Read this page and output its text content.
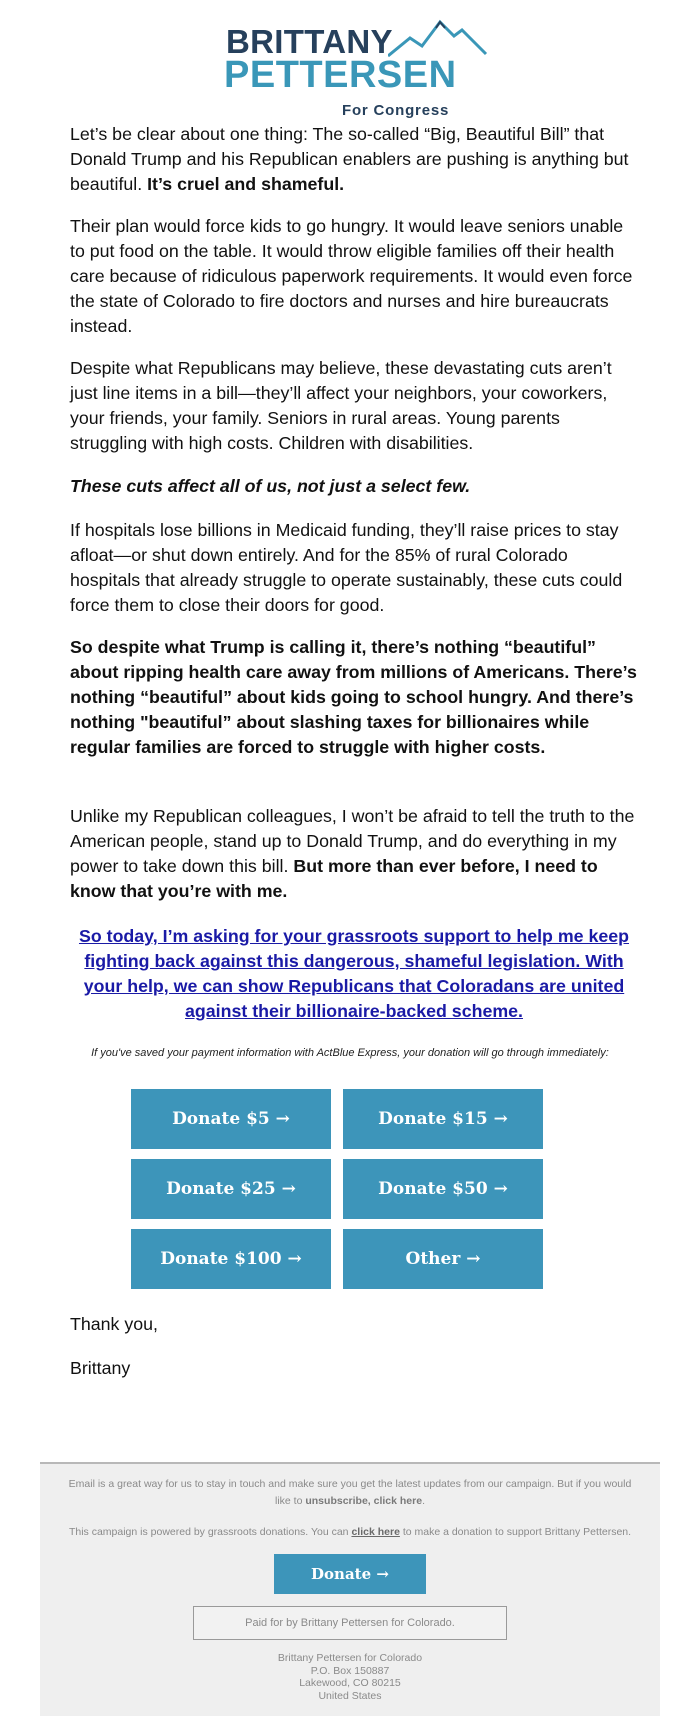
BRITTANY
PETTERSEN
For Congress
Let’s be clear about one thing: The so-called “Big, Beautiful Bill” that Donald Trump and his Republican enablers are pushing is anything but beautiful. It’s cruel and shameful.
Their plan would force kids to go hungry. It would leave seniors unable to put food on the table. It would throw eligible families off their health care because of ridiculous paperwork requirements. It would even force the state of Colorado to fire doctors and nurses and hire bureaucrats instead.
Despite what Republicans may believe, these devastating cuts aren’t just line items in a bill—they’ll affect your neighbors, your coworkers, your friends, your family. Seniors in rural areas. Young parents struggling with high costs. Children with disabilities.
These cuts affect all of us, not just a select few.
If hospitals lose billions in Medicaid funding, they’ll raise prices to stay afloat—or shut down entirely. And for the 85% of rural Colorado hospitals that already struggle to operate sustainably, these cuts could force them to close their doors for good.
So despite what Trump is calling it, there’s nothing “beautiful” about ripping health care away from millions of Americans. There’s nothing “beautiful” about kids going to school hungry. And there’s nothing "beautiful” about slashing taxes for billionaires while regular families are forced to struggle with higher costs.
Unlike my Republican colleagues, I won’t be afraid to tell the truth to the American people, stand up to Donald Trump, and do everything in my power to take down this bill. But more than ever before, I need to know that you’re with me.
So today, I’m asking for your grassroots support to help me keep fighting back against this dangerous, shameful legislation. With your help, we can show Republicans that Coloradans are united against their billionaire-backed scheme.
If you've saved your payment information with ActBlue Express, your donation will go through immediately:
Donate $5 →	Donate $15 →
Donate $25 →	Donate $50 →
Donate $100 →	Other →
Thank you,
Brittany
Email is a great way for us to stay in touch and make sure you get the latest updates from our campaign. But if you would like to unsubscribe, click here.
This campaign is powered by grassroots donations. You can click here to make a donation to support Brittany Pettersen.
Donate →
Paid for by Brittany Pettersen for Colorado.
Brittany Pettersen for Colorado
P.O. Box 150887
Lakewood, CO 80215
United States
